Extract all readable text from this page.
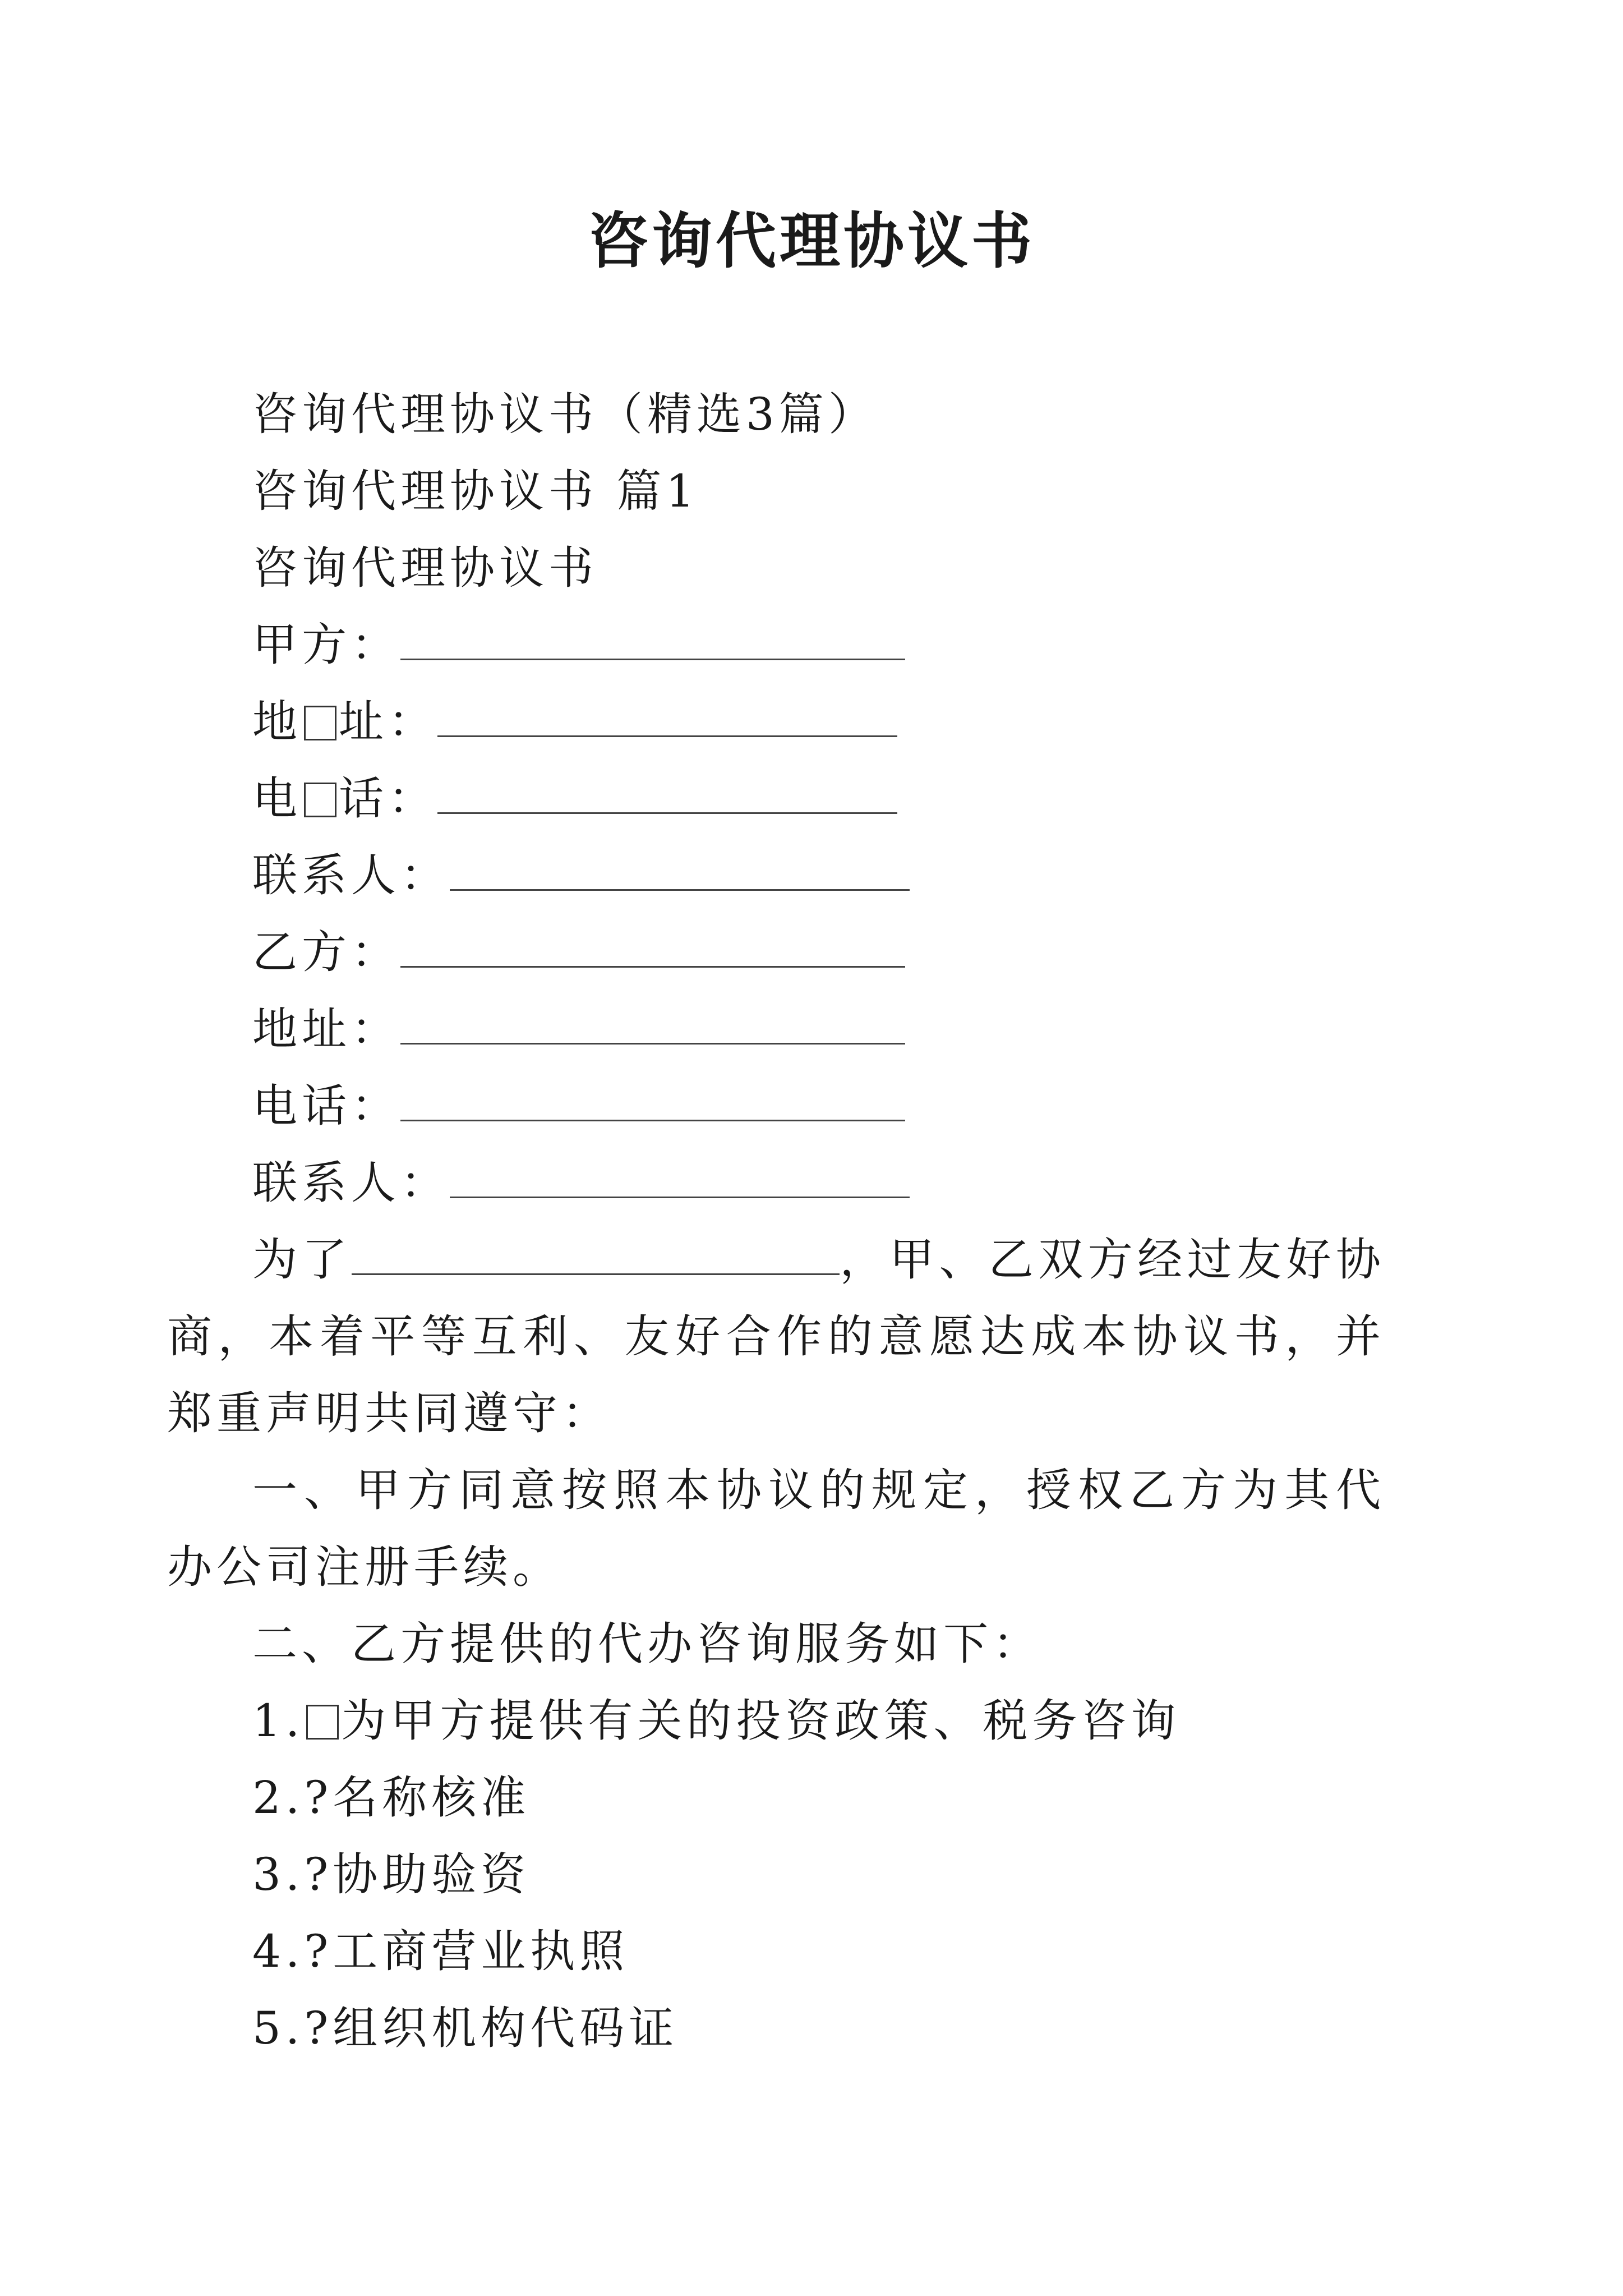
咨询代理协议书
咨询代理协议书（精选3篇）
咨询代理协议书 篇1
咨询代理协议书
甲方：
地 址：
电 话：
联系人：
乙方：
地址：
电话：
联系人：
为了	，甲、乙双方经过友好协商，本着平等互利、友好合作的意愿达成本协议书，并郑重声明共同遵守：
一、甲方同意按照本协议的规定，授权乙方为其代办公司注册手续。
二、乙方提供的代办咨询服务如下：
1. 为甲方提供有关的投资政策、税务咨询
2.?名称核准
3.?协助验资
4.?工商营业执照
5.?组织机构代码证
